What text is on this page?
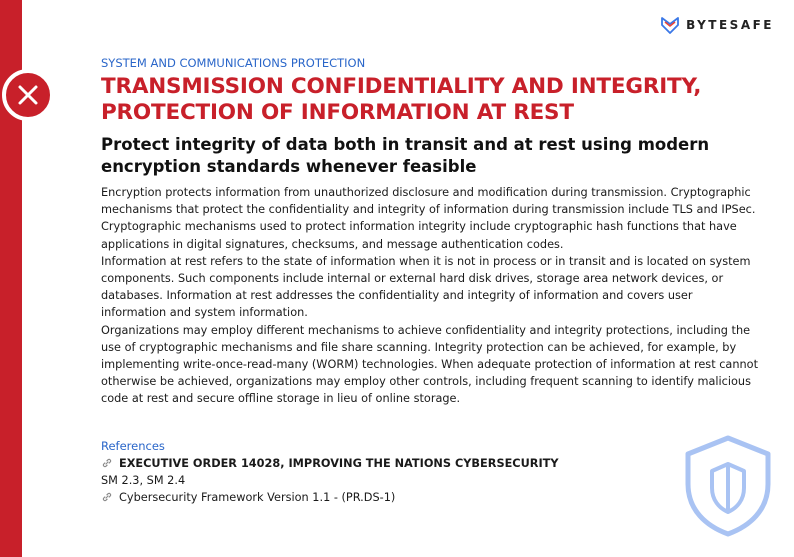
BYTESAFE
SYSTEM AND COMMUNICATIONS PROTECTION
TRANSMISSION CONFIDENTIALITY AND INTEGRITY, PROTECTION OF INFORMATION AT REST
Protect integrity of data both in transit and at rest using modern encryption standards whenever feasible

Encryption protects information from unauthorized disclosure and modification during transmission. Cryptographic mechanisms that protect the confidentiality and integrity of information during transmission include TLS and IPSec. Cryptographic mechanisms used to protect information integrity include cryptographic hash functions that have applications in digital signatures, checksums, and message authentication codes.

Information at rest refers to the state of information when it is not in process or in transit and is located on system components. Such components include internal or external hard disk drives, storage area network devices, or databases. Information at rest addresses the confidentiality and integrity of information and covers user information and system information.

Organizations may employ different mechanisms to achieve confidentiality and integrity protections, including the use of cryptographic mechanisms and file share scanning. Integrity protection can be achieved, for example, by implementing write-once-read-many (WORM) technologies. When adequate protection of information at rest cannot otherwise be achieved, organizations may employ other controls, including frequent scanning to identify malicious code at rest and secure offline storage in lieu of online storage.

References
EXECUTIVE ORDER 14028, IMPROVING THE NATIONS CYBERSECURITY
SM 2.3, SM 2.4
Cybersecurity Framework Version 1.1 - (PR.DS-1)
